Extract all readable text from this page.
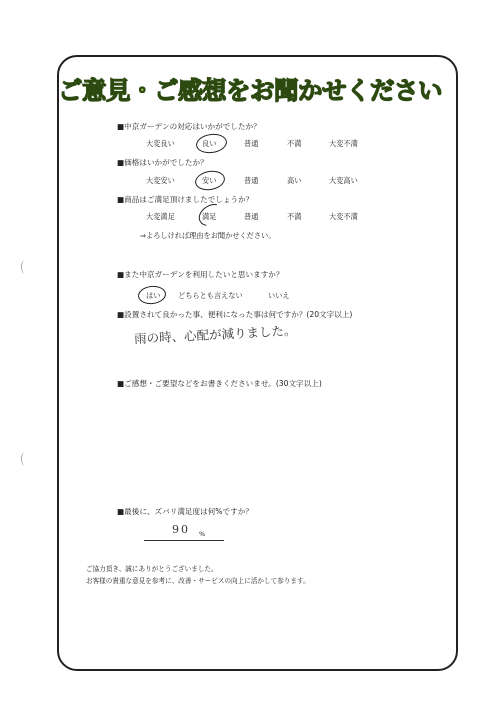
ご意見・ご感想をお聞かせください
■中京ガーデンの対応はいかがでしたか？
大変良い	良い	普通	不満	大変不満
■価格はいかがでしたか？
大変安い	安い	普通	高い	大変高い
■商品はご満足頂けましたでしょうか？
大変満足	満足	普通	不満	大変不満
⇒よろしければ理由をお聞かせください。
■また中京ガーデンを利用したいと思いますか？
はい どちらとも言えない	いいえ
■設置されて良かった事、便利になった事は何ですか？(20文字以上)
雨の時、心配が減りました。
■ご感想・ご要望などをお書きくださいませ。(30文字以上)
■最後に、ズバリ満足度は何%ですか？
90 %
ご協力頂き、誠にありがとうございました。
お客様の貴重な意見を参考に、改善・サービスの向上に活かして参ります。
